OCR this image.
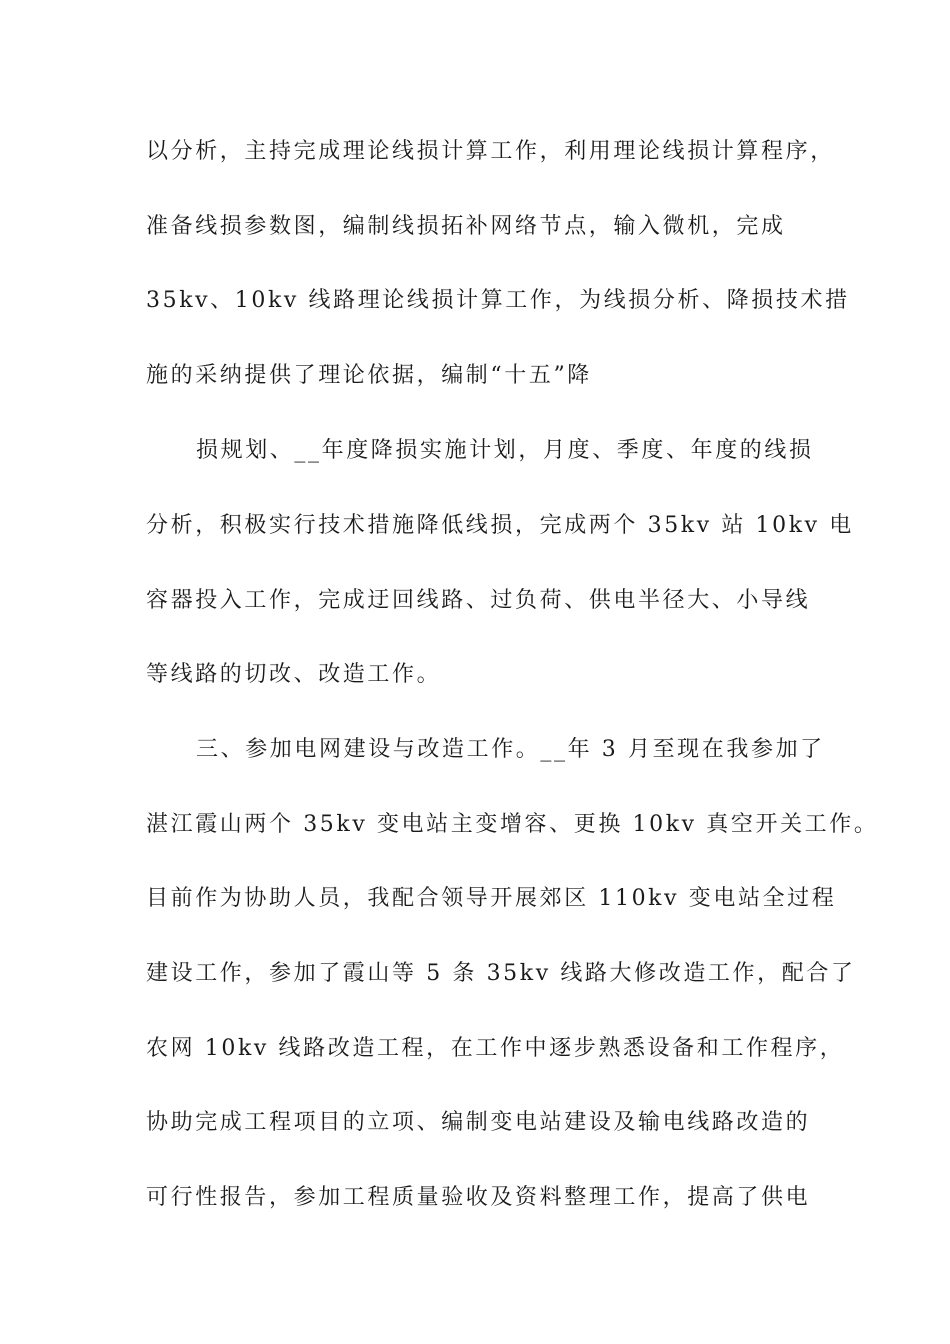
以分析，主持完成理论线损计算工作，利用理论线损计算程序，
准备线损参数图，编制线损拓补网络节点，输入微机，完成
35kv、10kv 线路理论线损计算工作，为线损分析、降损技术措
施的采纳提供了理论依据，编制“十五”降
损规划、__年度降损实施计划，月度、季度、年度的线损
分析，积极实行技术措施降低线损，完成两个 35kv 站 10kv 电
容器投入工作，完成迂回线路、过负荷、供电半径大、小导线
等线路的切改、改造工作。
三、参加电网建设与改造工作。__年 3 月至现在我参加了
湛江霞山两个 35kv 变电站主变增容、更换 10kv 真空开关工作。
目前作为协助人员，我配合领导开展郊区 110kv 变电站全过程
建设工作，参加了霞山等 5 条 35kv 线路大修改造工作，配合了
农网 10kv 线路改造工程，在工作中逐步熟悉设备和工作程序，
协助完成工程项目的立项、编制变电站建设及输电线路改造的
可行性报告，参加工程质量验收及资料整理工作，提高了供电
